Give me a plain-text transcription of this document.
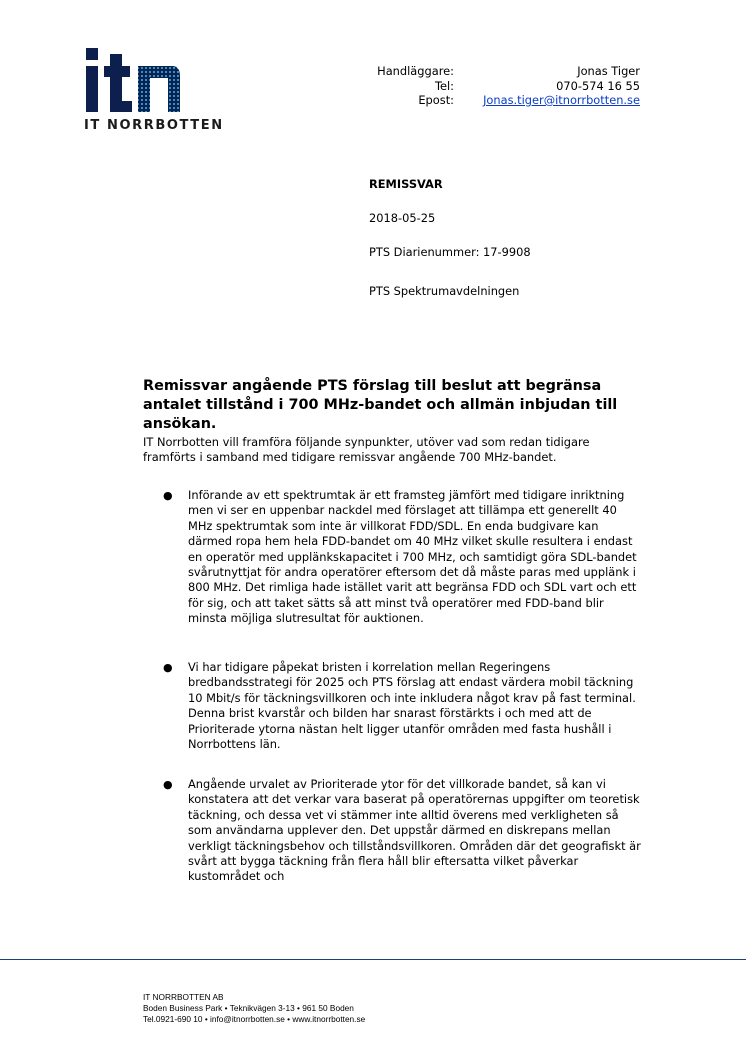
IT NORRBOTTEN
Handläggare:	Jonas Tiger
Tel:	070-574 16 55
Epost:	Jonas.tiger@itnorrbotten.se
REMISSVAR
2018-05-25
PTS Diarienummer: 17-9908
PTS Spektrumavdelningen
Remissvar angående PTS förslag till beslut att begränsa antalet tillstånd i 700 MHz-bandet och allmän inbjudan till ansökan.
IT Norrbotten vill framföra följande synpunkter, utöver vad som redan tidigare framförts i samband med tidigare remissvar angående 700 MHz-bandet.
●	Införande av ett spektrumtak är ett framsteg jämfört med tidigare inriktning men vi ser en uppenbar nackdel med förslaget att tillämpa ett generellt 40 MHz spektrumtak som inte är villkorat FDD/SDL. En enda budgivare kan därmed ropa hem hela FDD-bandet om 40 MHz vilket skulle resultera i endast en operatör med upplänkskapacitet i 700 MHz, och samtidigt göra SDL-bandet svårutnyttjat för andra operatörer eftersom det då måste paras med upplänk i 800 MHz. Det rimliga hade istället varit att begränsa FDD och SDL vart och ett för sig, och att taket sätts så att minst två operatörer med FDD-band blir minsta möjliga slutresultat för auktionen.
●	Vi har tidigare påpekat bristen i korrelation mellan Regeringens bredbandsstrategi för 2025 och PTS förslag att endast värdera mobil täckning 10 Mbit/s för täckningsvillkoren och inte inkludera något krav på fast terminal. Denna brist kvarstår och bilden har snarast förstärkts i och med att de Prioriterade ytorna nästan helt ligger utanför områden med fasta hushåll i Norrbottens län.
●	Angående urvalet av Prioriterade ytor för det villkorade bandet, så kan vi konstatera att det verkar vara baserat på operatörernas uppgifter om teoretisk täckning, och dessa vet vi stämmer inte alltid överens med verkligheten så som användarna upplever den. Det uppstår därmed en diskrepans mellan verkligt täckningsbehov och tillståndsvillkoren. Områden där det geografiskt är svårt att bygga täckning från flera håll blir eftersatta vilket påverkar kustområdet och
IT NORRBOTTEN AB
Boden Business Park • Teknikvägen 3-13 • 961 50 Boden
Tel.0921-690 10 • info@itnorrbotten.se • www.itnorrbotten.se
